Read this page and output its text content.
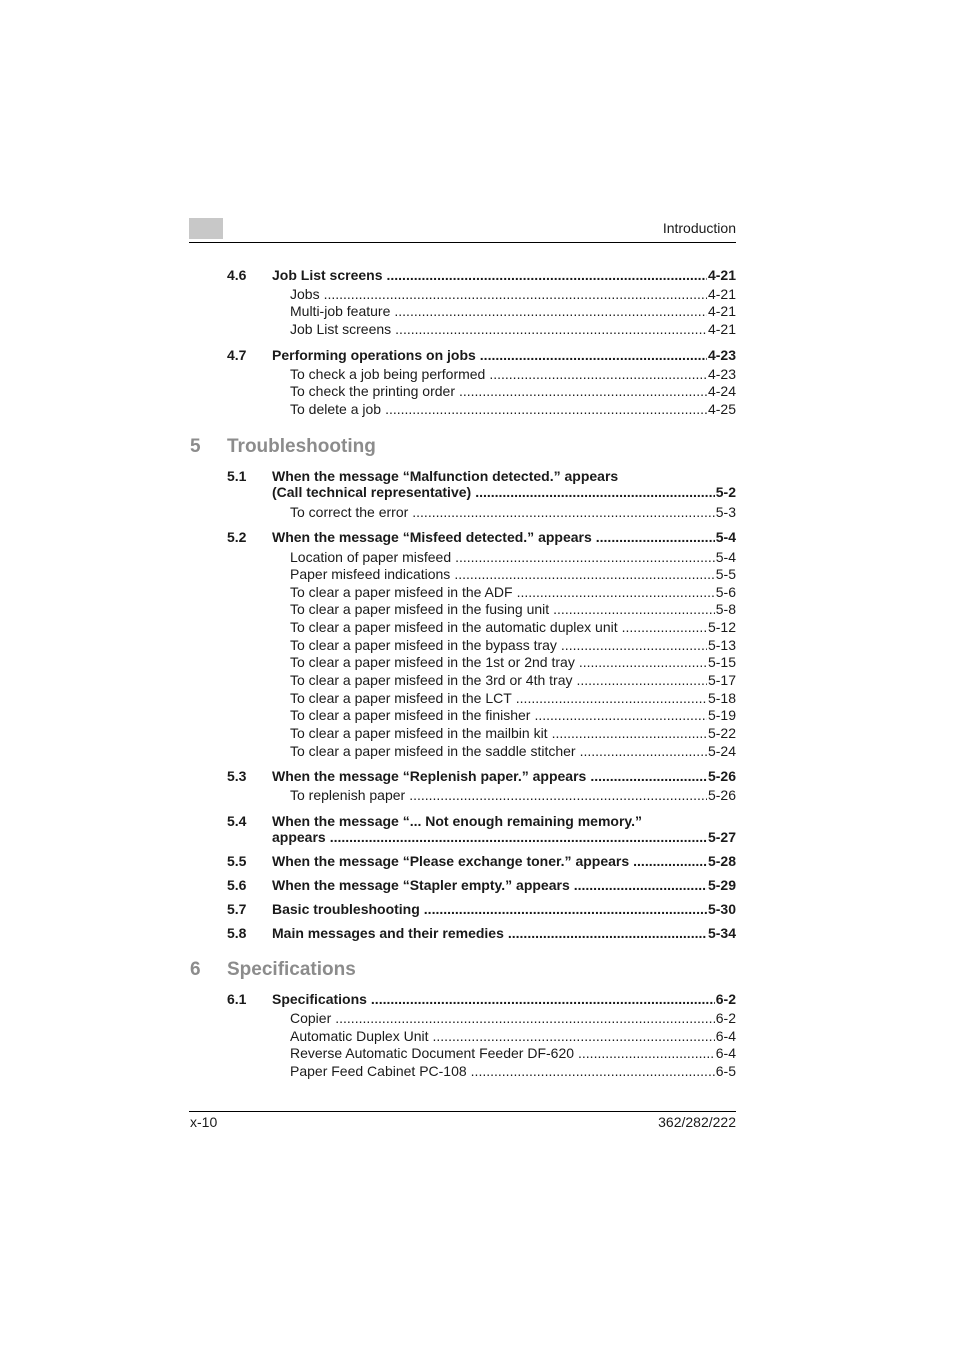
Introduction
4.6 Job List screens .....	4-21
Jobs .....	4-21
Multi-job feature .....	4-21
Job List screens .....	4-21
4.7 Performing operations on jobs .....	4-23
To check a job being performed .....	4-23
To check the printing order .....	4-24
To delete a job .....	4-25
5 Troubleshooting
5.1 When the message “Malfunction detected.” appears
(Call technical representative) .....	5-2
To correct the error .....	5-3
5.2 When the message “Misfeed detected.” appears .....	5-4
Location of paper misfeed .....	5-4
Paper misfeed indications .....	5-5
To clear a paper misfeed in the ADF .....	5-6
To clear a paper misfeed in the fusing unit .....	5-8
To clear a paper misfeed in the automatic duplex unit .....	5-12
To clear a paper misfeed in the bypass tray .....	5-13
To clear a paper misfeed in the 1st or 2nd tray .....	5-15
To clear a paper misfeed in the 3rd or 4th tray .....	5-17
To clear a paper misfeed in the LCT .....	5-18
To clear a paper misfeed in the finisher .....	5-19
To clear a paper misfeed in the mailbin kit .....	5-22
To clear a paper misfeed in the saddle stitcher .....	5-24
5.3 When the message “Replenish paper.” appears .....	5-26
To replenish paper .....	5-26
5.4 When the message “... Not enough remaining memory.”
appears .....	5-27
5.5 When the message “Please exchange toner.” appears .....	5-28
5.6 When the message “Stapler empty.” appears .....	5-29
5.7 Basic troubleshooting .....	5-30
5.8 Main messages and their remedies .....	5-34
6 Specifications
6.1 Specifications .....	6-2
Copier .....	6-2
Automatic Duplex Unit .....	6-4
Reverse Automatic Document Feeder DF-620 .....	6-4
Paper Feed Cabinet PC-108 .....	6-5
x-10	362/282/222
